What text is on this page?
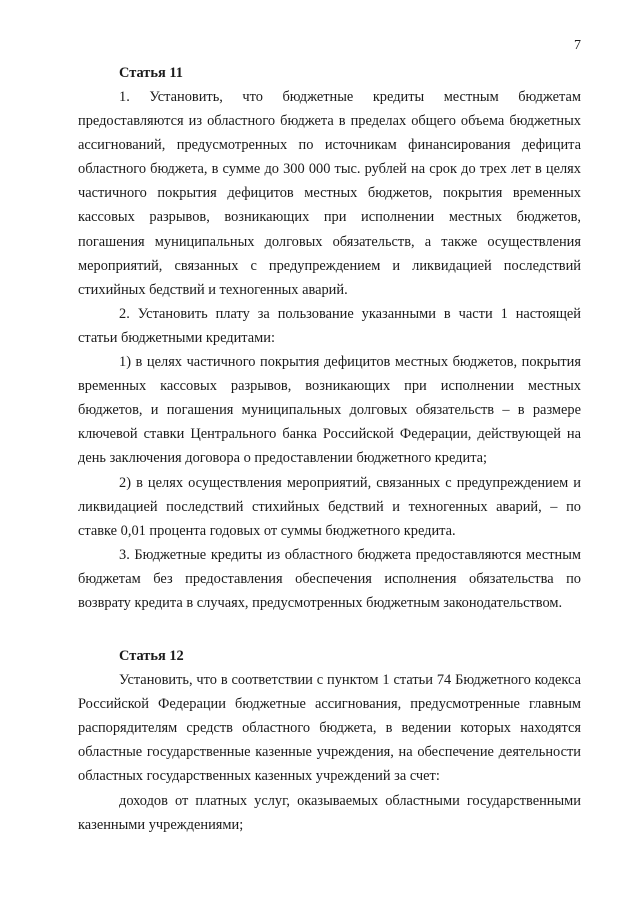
7
Статья 11

1. Установить, что бюджетные кредиты местным бюджетам предоставляются из областного бюджета в пределах общего объема бюджетных ассигнований, предусмотренных по источникам финансирования дефицита областного бюджета, в сумме до 300 000 тыс. рублей на срок до трех лет в целях частичного покрытия дефицитов местных бюджетов, покрытия временных кассовых разрывов, возникающих при исполнении местных бюджетов, погашения муниципальных долговых обязательств, а также осуществления мероприятий, связанных с предупреждением и ликвидацией последствий стихийных бедствий и техногенных аварий.

2. Установить плату за пользование указанными в части 1 настоящей статьи бюджетными кредитами:

1) в целях частичного покрытия дефицитов местных бюджетов, покрытия временных кассовых разрывов, возникающих при исполнении местных бюджетов, и погашения муниципальных долговых обязательств – в размере ключевой ставки Центрального банка Российской Федерации, действующей на день заключения договора о предоставлении бюджетного кредита;

2) в целях осуществления мероприятий, связанных с предупреждением и ликвидацией последствий стихийных бедствий и техногенных аварий, – по ставке 0,01 процента годовых от суммы бюджетного кредита.

3. Бюджетные кредиты из областного бюджета предоставляются местным бюджетам без предоставления обеспечения исполнения обязательства по возврату кредита в случаях, предусмотренных бюджетным законодательством.

Статья 12

Установить, что в соответствии с пунктом 1 статьи 74 Бюджетного кодекса Российской Федерации бюджетные ассигнования, предусмотренные главным распорядителям средств областного бюджета, в ведении которых находятся областные государственные казенные учреждения, на обеспечение деятельности областных государственных казенных учреждений за счет:

доходов от платных услуг, оказываемых областными государственными казенными учреждениями;
